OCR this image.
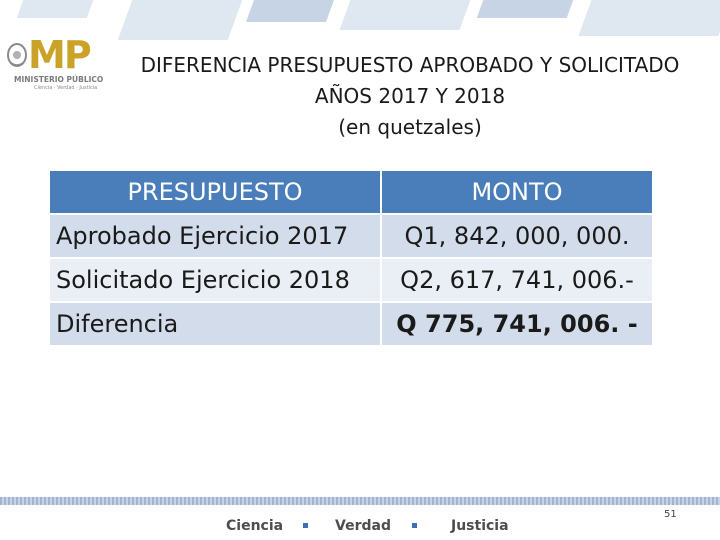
MP
MINISTERIO PÚBLICO
Ciencia · Verdad · Justicia
DIFERENCIA PRESUPUESTO APROBADO Y SOLICITADO
AÑOS 2017 Y 2018
(en quetzales)
PRESUPUESTO	MONTO
Aprobado Ejercicio 2017	Q1, 842, 000, 000.
Solicitado Ejercicio 2018	Q2, 617, 741, 006.-
Diferencia	Q 775, 741, 006. -
51
Ciencia	Verdad	Justicia
